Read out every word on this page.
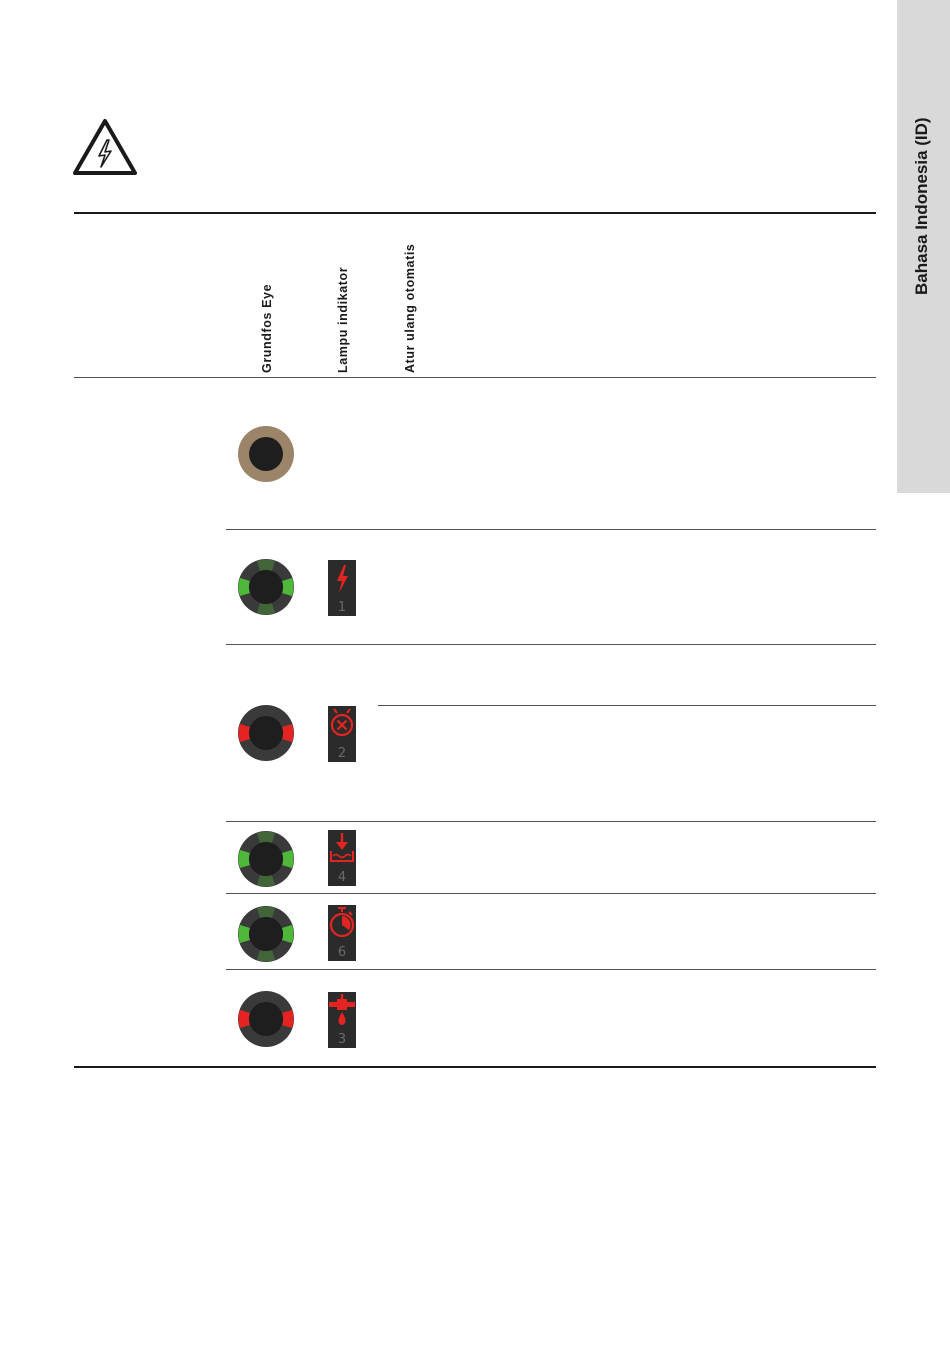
Bahasa Indonesia (ID)
Grundfos Eye	Lampu indikator	Atur ulang otomatis
1
2
4
6
3
